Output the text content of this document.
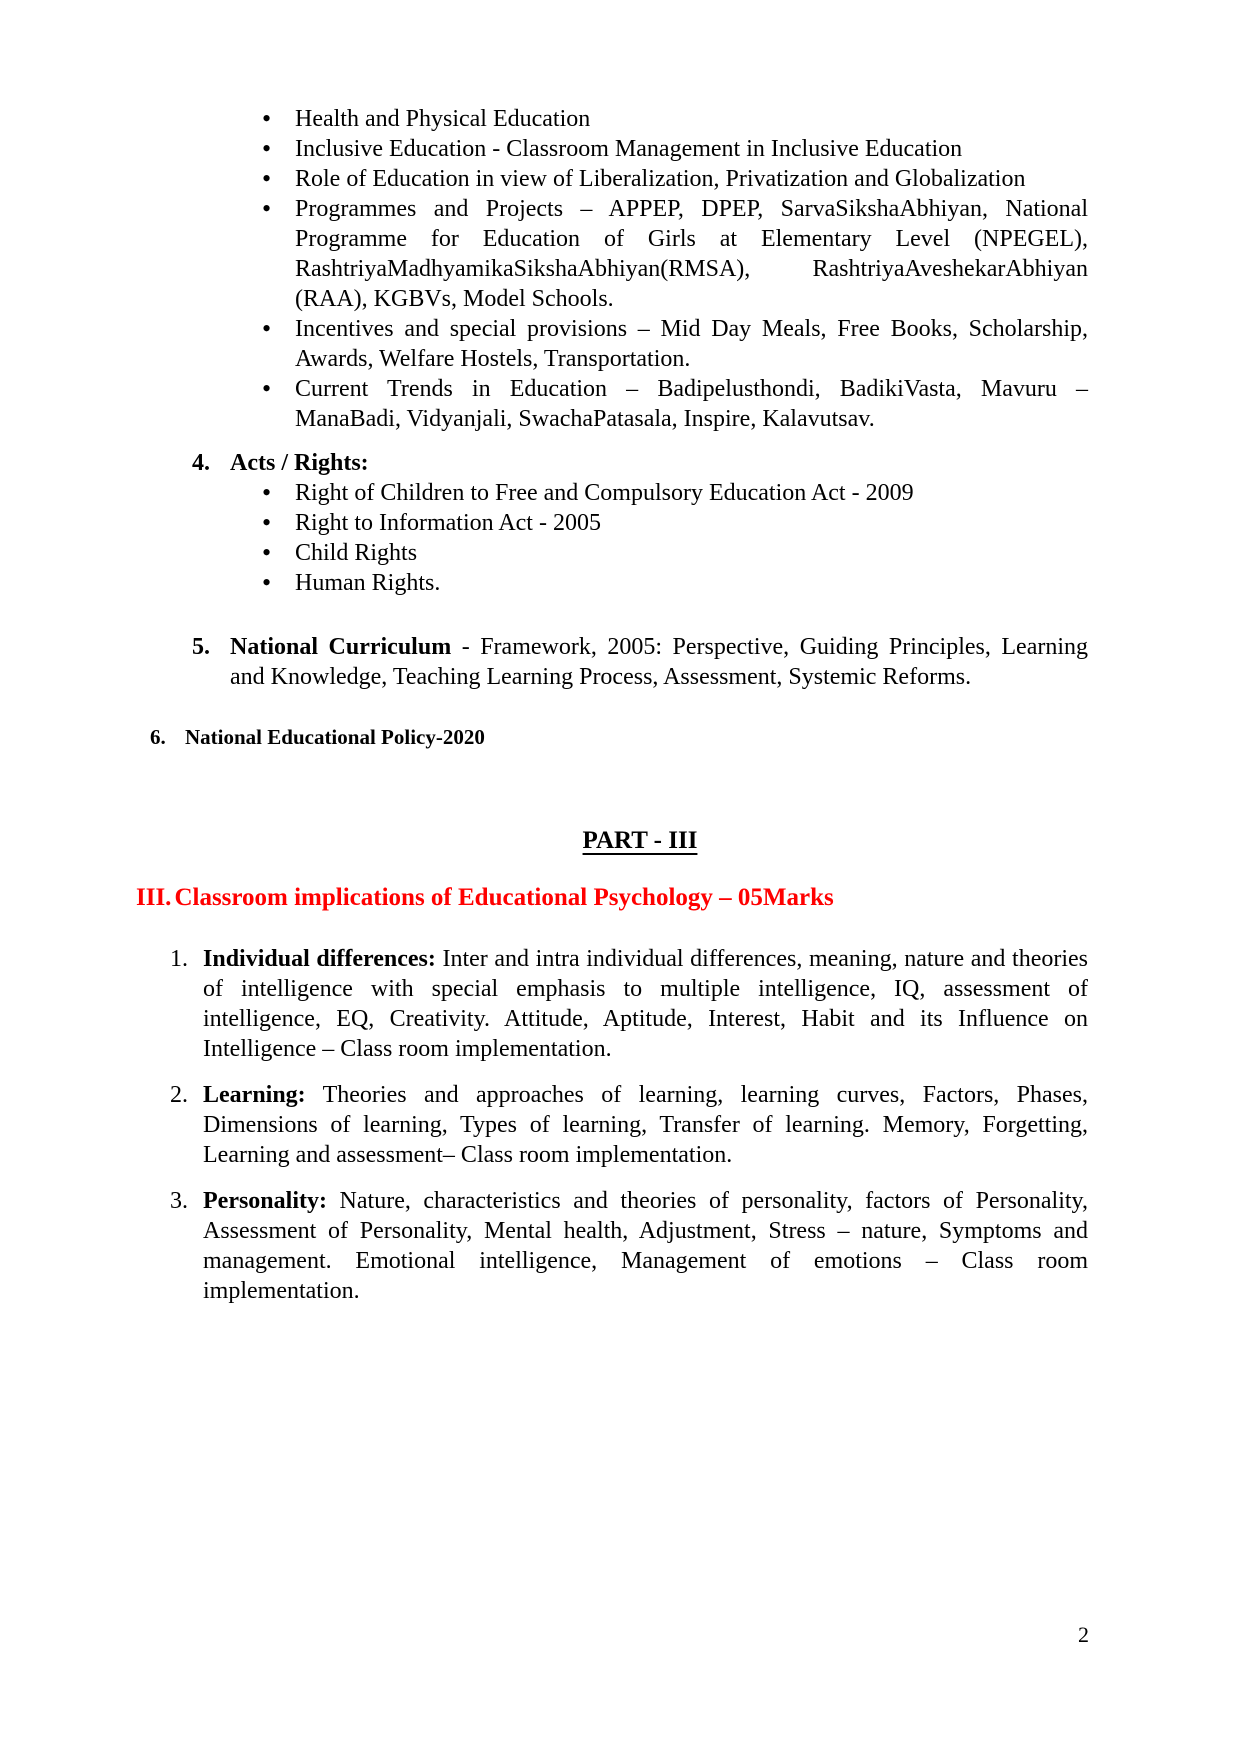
• Health and Physical Education
• Inclusive Education - Classroom Management in Inclusive Education
• Role of Education in view of Liberalization, Privatization and Globalization
• Programmes and Projects – APPEP, DPEP, SarvaSikshaAbhiyan, National Programme for Education of Girls at Elementary Level (NPEGEL), RashtriyaMadhyamikaSikshaAbhiyan(RMSA), RashtriyaAveshekarAbhiyan (RAA), KGBVs, Model Schools.
• Incentives and special provisions – Mid Day Meals, Free Books, Scholarship, Awards, Welfare Hostels, Transportation.
• Current Trends in Education – Badipelusthondi, BadikiVasta, Mavuru – ManaBadi, Vidyanjali, SwachaPatasala, Inspire, Kalavutsav.
4. Acts / Rights:
• Right of Children to Free and Compulsory Education Act - 2009
• Right to Information Act - 2005
• Child Rights
• Human Rights.
5. National Curriculum - Framework, 2005: Perspective, Guiding Principles, Learning and Knowledge, Teaching Learning Process, Assessment, Systemic Reforms.
6. National Educational Policy-2020
PART - III
III. Classroom implications of Educational Psychology – 05Marks
1. Individual differences: Inter and intra individual differences, meaning, nature and theories of intelligence with special emphasis to multiple intelligence, IQ, assessment of intelligence, EQ, Creativity. Attitude, Aptitude, Interest, Habit and its Influence on Intelligence – Class room implementation.
2. Learning: Theories and approaches of learning, learning curves, Factors, Phases, Dimensions of learning, Types of learning, Transfer of learning. Memory, Forgetting, Learning and assessment– Class room implementation.
3. Personality: Nature, characteristics and theories of personality, factors of Personality, Assessment of Personality, Mental health, Adjustment, Stress – nature, Symptoms and management. Emotional intelligence, Management of emotions – Class room implementation.
2
